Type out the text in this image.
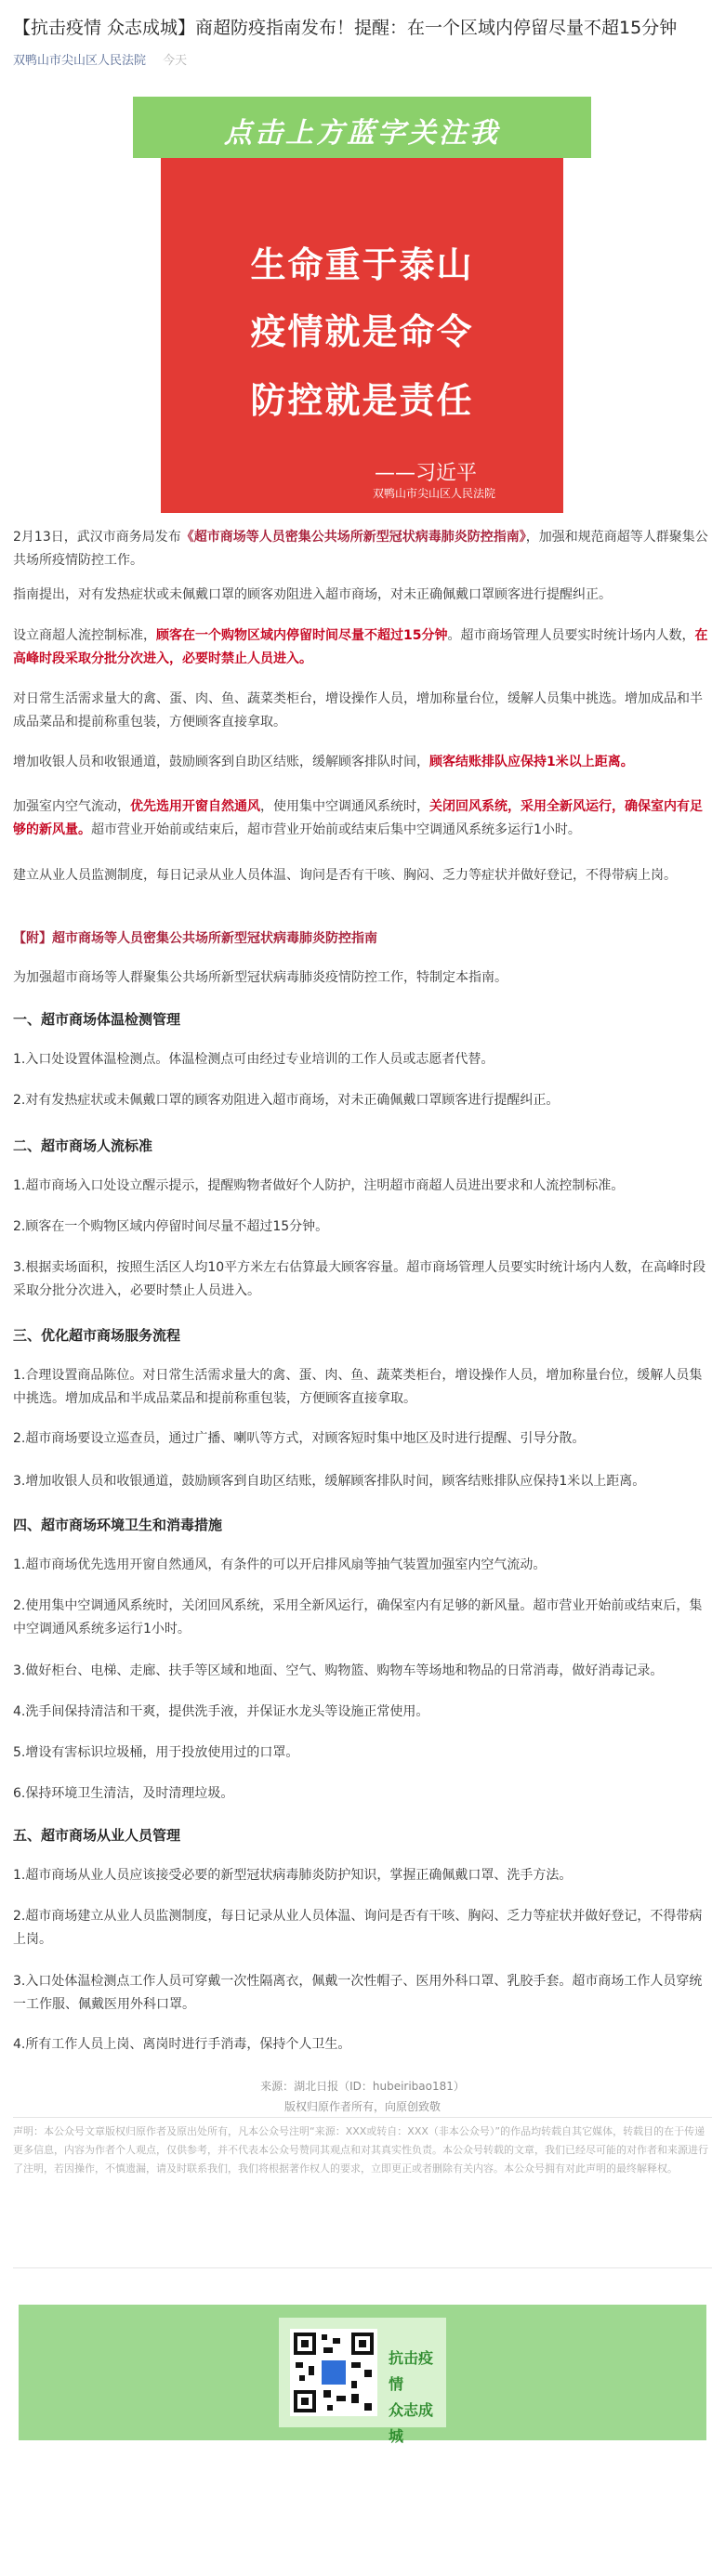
【抗击疫情 众志成城】商超防疫指南发布！提醒：在一个区域内停留尽量不超15分钟
双鸭山市尖山区人民法院 今天
点击上方蓝字关注我
生命重于泰山
疫情就是命令
防控就是责任
——习近平
双鸭山市尖山区人民法院
2月13日，武汉市商务局发布《超市商场等人员密集公共场所新型冠状病毒肺炎防控指南》，加强和规范商超等人群聚集公共场所疫情防控工作。
指南提出，对有发热症状或未佩戴口罩的顾客劝阻进入超市商场，对未正确佩戴口罩顾客进行提醒纠正。
设立商超人流控制标准，顾客在一个购物区域内停留时间尽量不超过15分钟。超市商场管理人员要实时统计场内人数，在高峰时段采取分批分次进入，必要时禁止人员进入。
对日常生活需求量大的禽、蛋、肉、鱼、蔬菜类柜台，增设操作人员，增加称量台位，缓解人员集中挑选。增加成品和半成品菜品和提前称重包装，方便顾客直接拿取。
增加收银人员和收银通道，鼓励顾客到自助区结账，缓解顾客排队时间，顾客结账排队应保持1米以上距离。
加强室内空气流动，优先选用开窗自然通风，使用集中空调通风系统时，关闭回风系统，采用全新风运行，确保室内有足够的新风量。超市营业开始前或结束后，超市营业开始前或结束后集中空调通风系统多运行1小时。
建立从业人员监测制度，每日记录从业人员体温、询问是否有干咳、胸闷、乏力等症状并做好登记，不得带病上岗。
【附】超市商场等人员密集公共场所新型冠状病毒肺炎防控指南
为加强超市商场等人群聚集公共场所新型冠状病毒肺炎疫情防控工作，特制定本指南。
一、超市商场体温检测管理
1.入口处设置体温检测点。体温检测点可由经过专业培训的工作人员或志愿者代替。
2.对有发热症状或未佩戴口罩的顾客劝阻进入超市商场，对未正确佩戴口罩顾客进行提醒纠正。
二、超市商场人流标准
1.超市商场入口处设立醒示提示，提醒购物者做好个人防护，注明超市商超人员进出要求和人流控制标准。
2.顾客在一个购物区域内停留时间尽量不超过15分钟。
3.根据卖场面积，按照生活区人均10平方米左右估算最大顾客容量。超市商场管理人员要实时统计场内人数，在高峰时段采取分批分次进入，必要时禁止人员进入。
三、优化超市商场服务流程
1.合理设置商品陈位。对日常生活需求量大的禽、蛋、肉、鱼、蔬菜类柜台，增设操作人员，增加称量台位，缓解人员集中挑选。增加成品和半成品菜品和提前称重包装，方便顾客直接拿取。
2.超市商场要设立巡查员，通过广播、喇叭等方式，对顾客短时集中地区及时进行提醒、引导分散。
3.增加收银人员和收银通道，鼓励顾客到自助区结账，缓解顾客排队时间，顾客结账排队应保持1米以上距离。
四、超市商场环境卫生和消毒措施
1.超市商场优先选用开窗自然通风，有条件的可以开启排风扇等抽气装置加强室内空气流动。
2.使用集中空调通风系统时，关闭回风系统，采用全新风运行，确保室内有足够的新风量。超市营业开始前或结束后，集中空调通风系统多运行1小时。
3.做好柜台、电梯、走廊、扶手等区域和地面、空气、购物篮、购物车等场地和物品的日常消毒，做好消毒记录。
4.洗手间保持清洁和干爽，提供洗手液，并保证水龙头等设施正常使用。
5.增设有害标识垃圾桶，用于投放使用过的口罩。
6.保持环境卫生清洁，及时清理垃圾。
五、超市商场从业人员管理
1.超市商场从业人员应该接受必要的新型冠状病毒肺炎防护知识，掌握正确佩戴口罩、洗手方法。
2.超市商场建立从业人员监测制度，每日记录从业人员体温、询问是否有干咳、胸闷、乏力等症状并做好登记，不得带病上岗。
3.入口处体温检测点工作人员可穿戴一次性隔离衣，佩戴一次性帽子、医用外科口罩、乳胶手套。超市商场工作人员穿统一工作服、佩戴医用外科口罩。
4.所有工作人员上岗、离岗时进行手消毒，保持个人卫生。
来源：湖北日报（ID：hubeiribao181）
版权归原作者所有，向原创致敬
声明：本公众号文章版权归原作者及原出处所有，凡本公众号注明“来源：XXX或转自：XXX（非本公众号）”的作品均转载自其它媒体，转载目的在于传递更多信息，内容为作者个人观点，仅供参考，并不代表本公众号赞同其观点和对其真实性负责。本公众号转载的文章，我们已经尽可能的对作者和来源进行了注明，若因操作，不慎遗漏，请及时联系我们，我们将根据著作权人的要求，立即更正或者删除有关内容。本公众号拥有对此声明的最终解释权。
抗击疫情
众志成城
